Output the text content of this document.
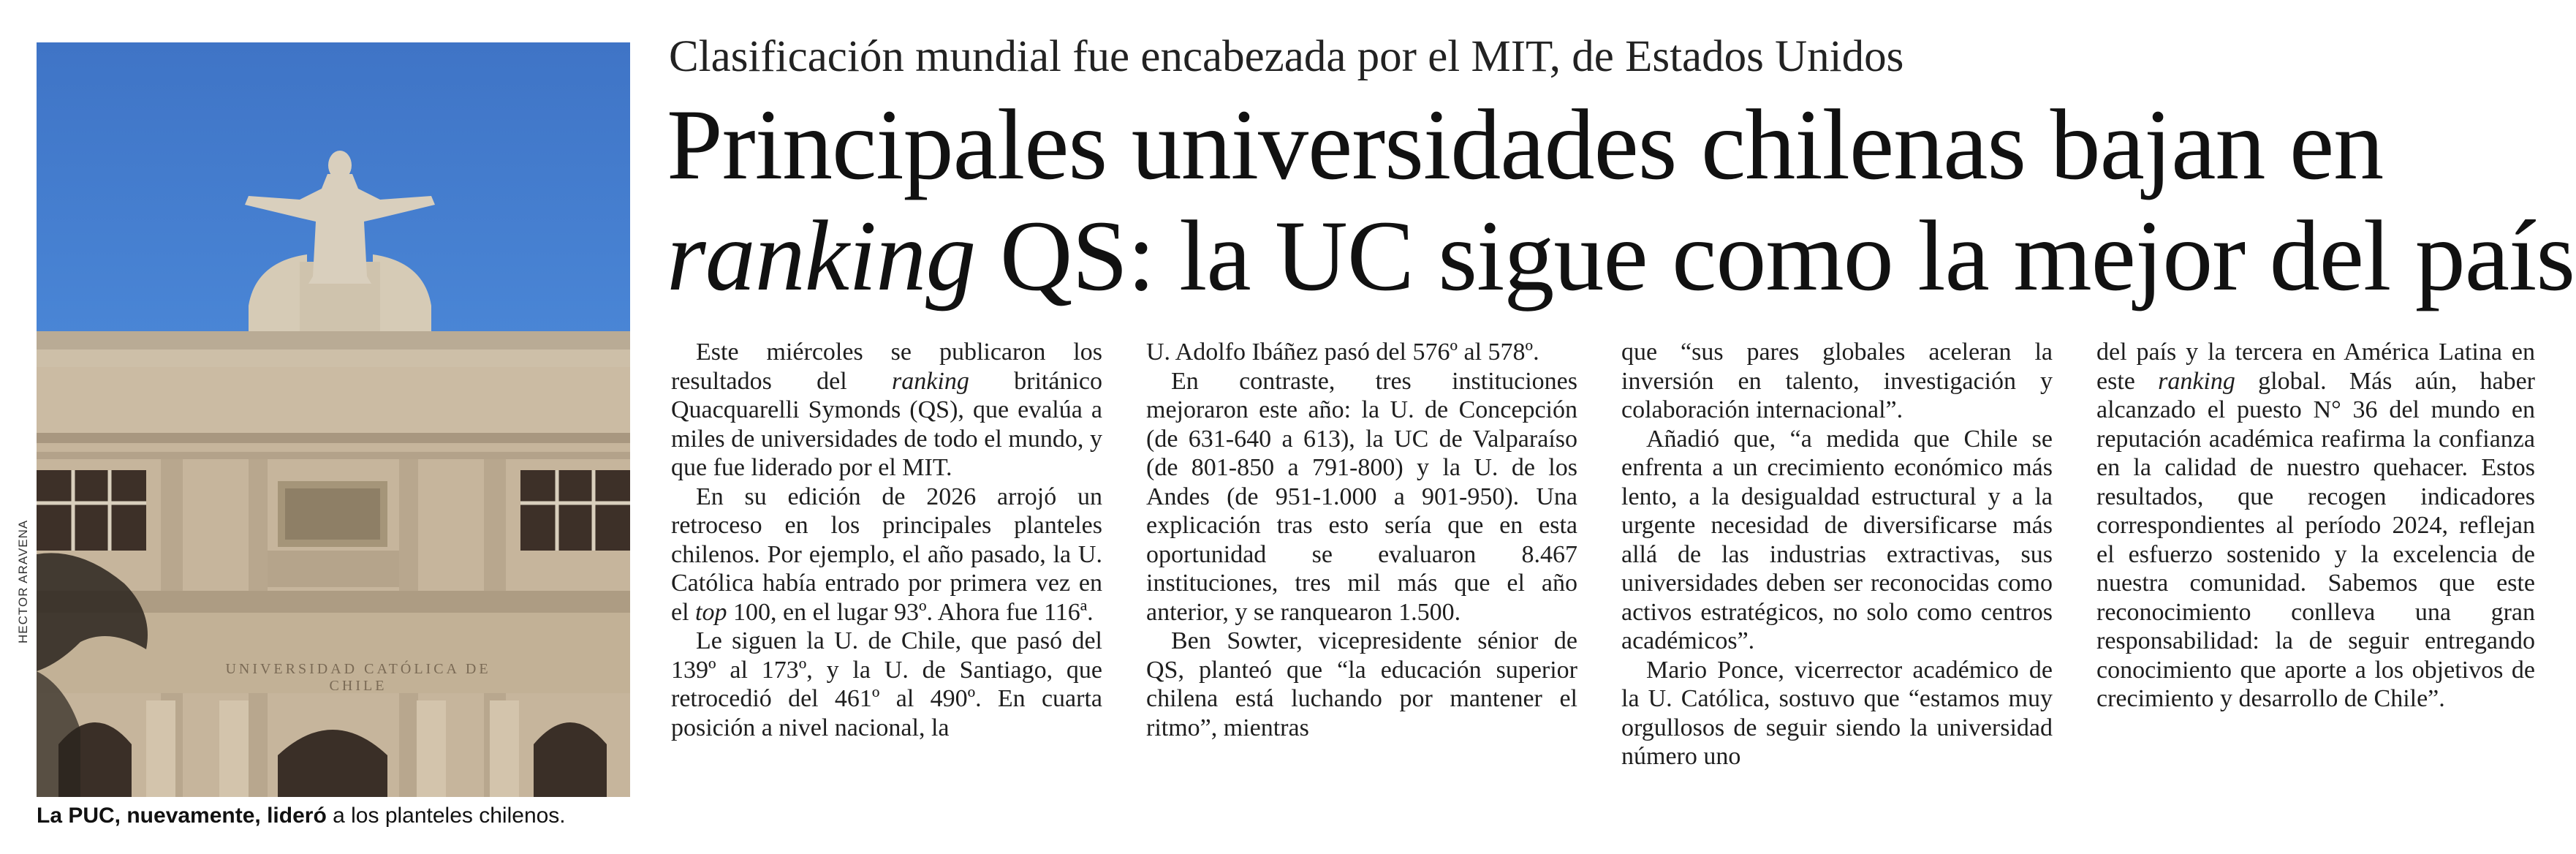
UNIVERSIDAD CATÓLICA DE CHILE
HECTOR ARAVENA
La PUC, nuevamente, lideró a los planteles chilenos.
Clasificación mundial fue encabezada por el MIT, de Estados Unidos
Principales universidades chilenas bajan en
ranking QS: la UC sigue como la mejor del país

Este miércoles se publicaron los resultados del ranking británico Quacquarelli Symonds (QS), que evalúa a miles de universidades de todo el mundo, y que fue liderado por el MIT.

En su edición de 2026 arrojó un retroceso en los principales planteles chilenos. Por ejemplo, el año pasado, la U. Católica había entrado por primera vez en el top 100, en el lugar 93º. Ahora fue 116ª.

Le siguen la U. de Chile, que pasó del 139º al 173º, y la U. de Santiago, que retrocedió del 461º al 490º. En cuarta posición a nivel nacional, la

U. Adolfo Ibáñez pasó del 576º al 578º.

En contraste, tres instituciones mejoraron este año: la U. de Concepción (de 631-640 a 613), la UC de Valparaíso (de 801-850 a 791-800) y la U. de los Andes (de 951-1.000 a 901-950). Una explicación tras esto sería que en esta oportunidad se evaluaron 8.467 instituciones, tres mil más que el año anterior, y se ranquearon 1.500.

Ben Sowter, vicepresidente sénior de QS, planteó que “la educación superior chilena está luchando por mantener el ritmo”, mientras

que “sus pares globales aceleran la inversión en talento, investigación y colaboración internacional”.

Añadió que, “a medida que Chile se enfrenta a un crecimiento económico más lento, a la desigualdad estructural y a la urgente necesidad de diversificarse más allá de las industrias extractivas, sus universidades deben ser reconocidas como activos estratégicos, no solo como centros académicos”.

Mario Ponce, vicerrector académico de la U. Católica, sostuvo que “estamos muy orgullosos de seguir siendo la universidad número uno

del país y la tercera en América Latina en este ranking global. Más aún, haber alcanzado el puesto N° 36 del mundo en reputación académica reafirma la confianza en la calidad de nuestro quehacer. Estos resultados, que recogen indicadores correspondientes al período 2024, reflejan el esfuerzo sostenido y la excelencia de nuestra comunidad. Sabemos que este reconocimiento conlleva una gran responsabilidad: la de seguir entregando conocimiento que aporte a los objetivos de crecimiento y desarrollo de Chile”.
